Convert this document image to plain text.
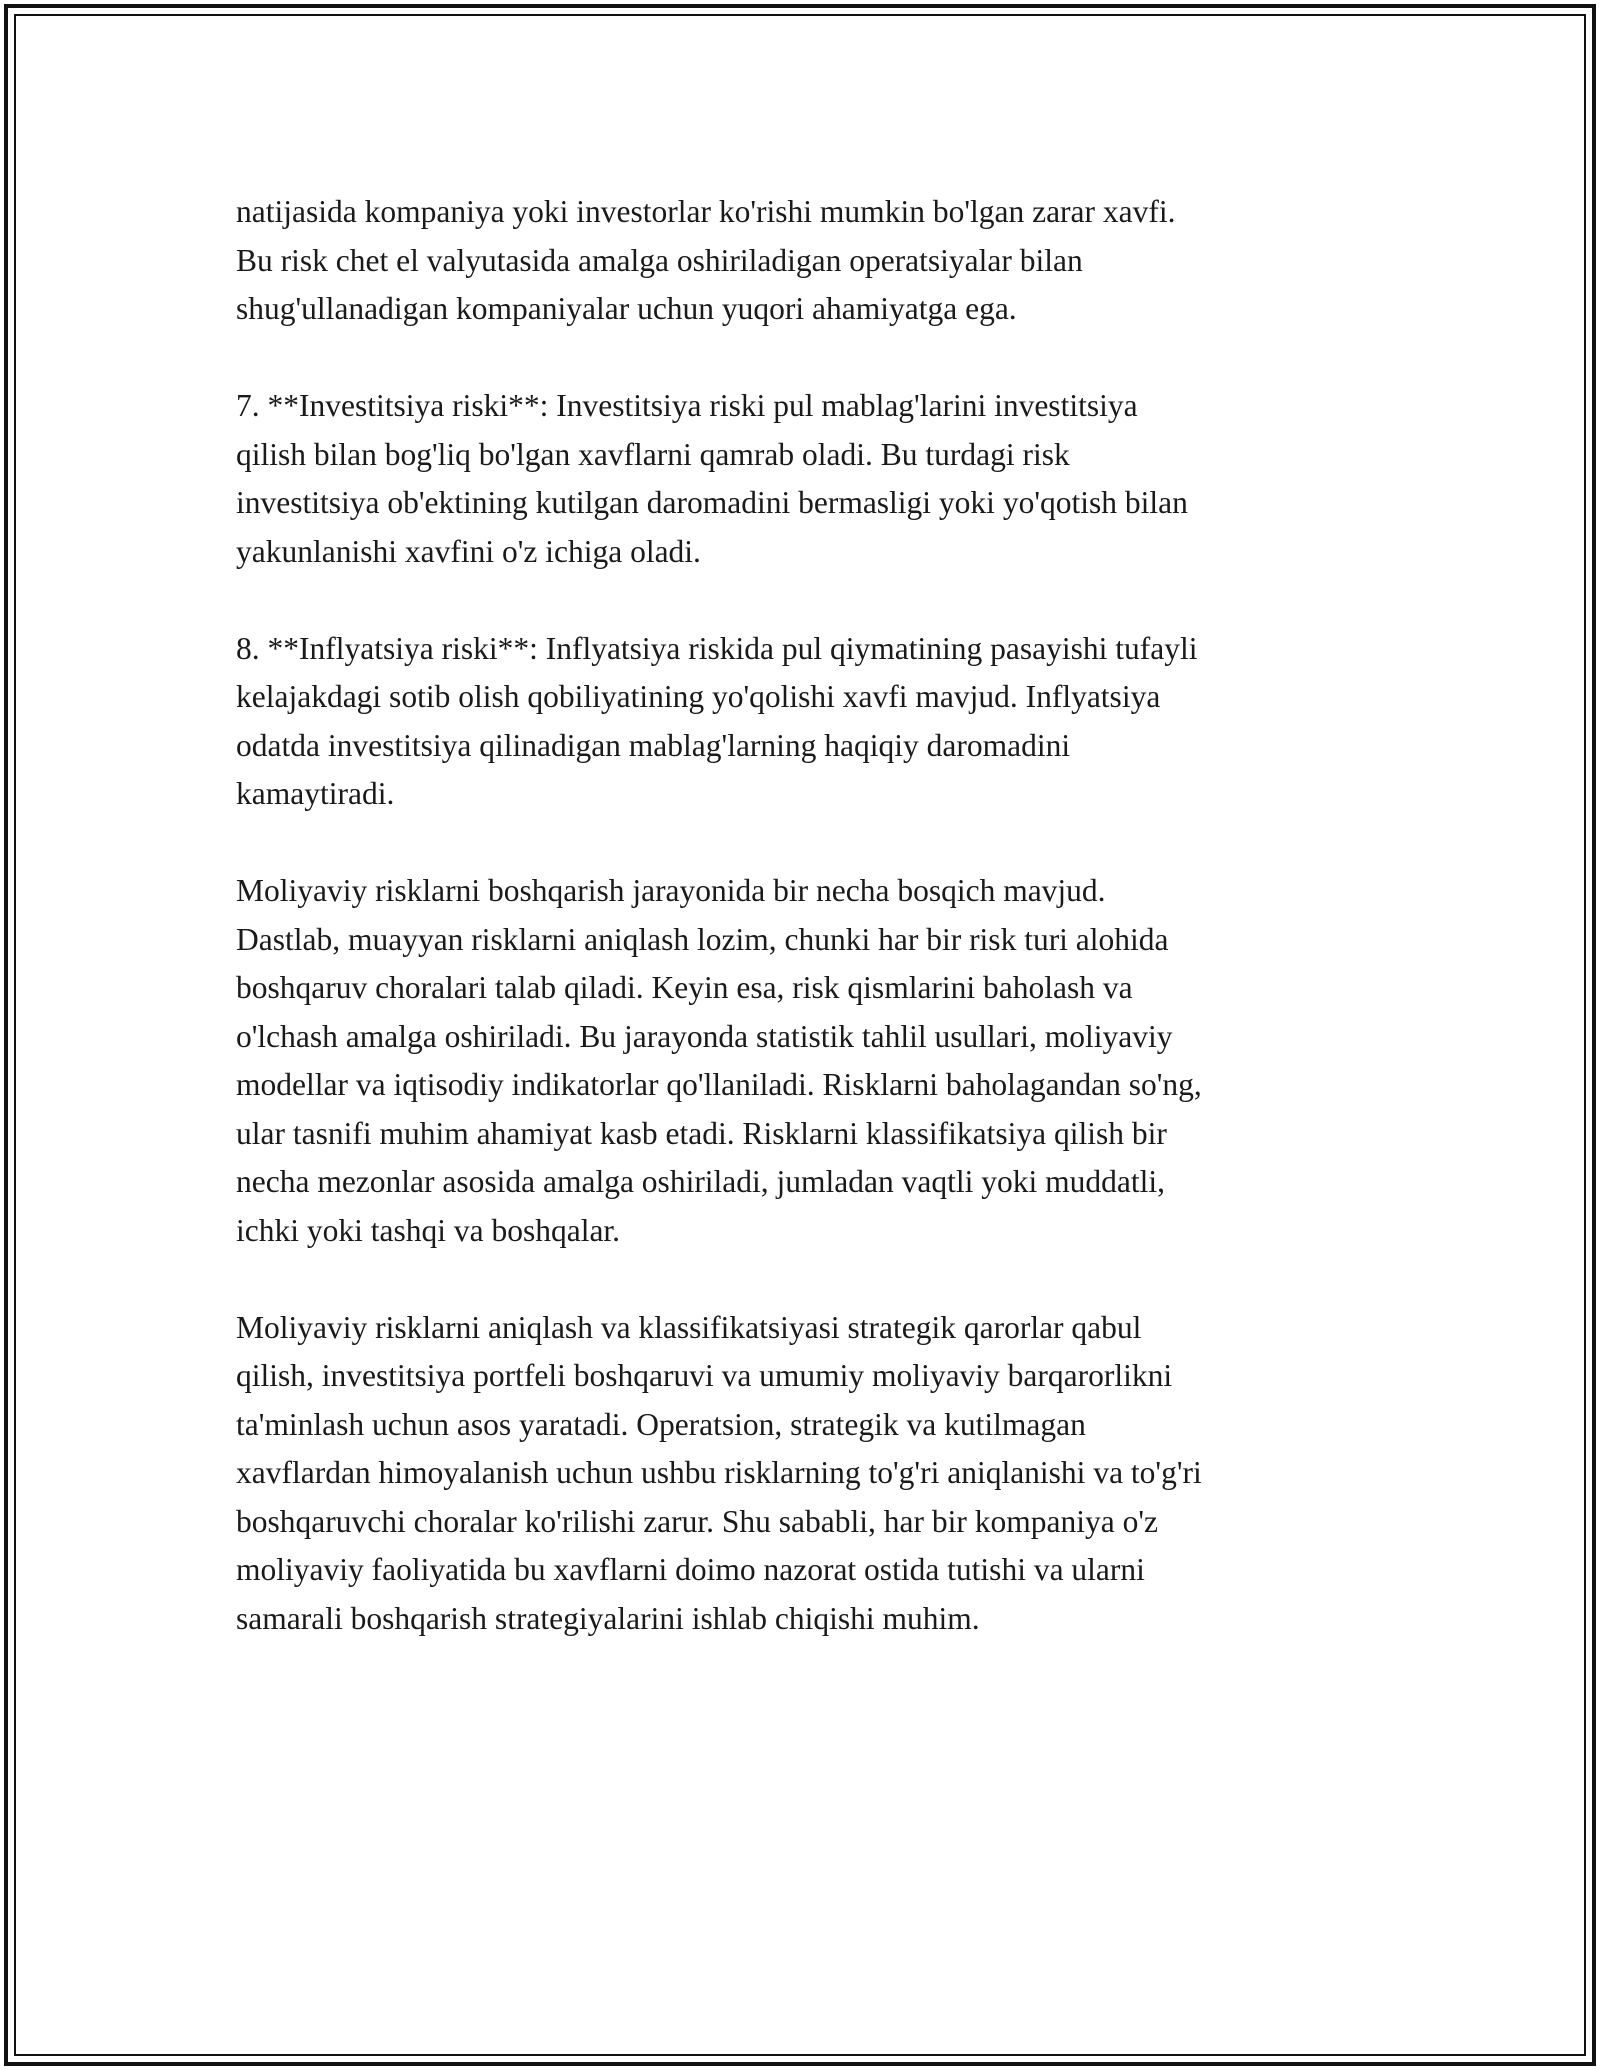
natijasida kompaniya yoki investorlar ko'rishi mumkin bo'lgan zarar xavfi.
Bu risk chet el valyutasida amalga oshiriladigan operatsiyalar bilan
shug'ullanadigan kompaniyalar uchun yuqori ahamiyatga ega.

7. **Investitsiya riski**: Investitsiya riski pul mablag'larini investitsiya
qilish bilan bog'liq bo'lgan xavflarni qamrab oladi. Bu turdagi risk
investitsiya ob'ektining kutilgan daromadini bermasligi yoki yo'qotish bilan
yakunlanishi xavfini o'z ichiga oladi.

8. **Inflyatsiya riski**: Inflyatsiya riskida pul qiymatining pasayishi tufayli
kelajakdagi sotib olish qobiliyatining yo'qolishi xavfi mavjud. Inflyatsiya
odatda investitsiya qilinadigan mablag'larning haqiqiy daromadini
kamaytiradi.

Moliyaviy risklarni boshqarish jarayonida bir necha bosqich mavjud.
Dastlab, muayyan risklarni aniqlash lozim, chunki har bir risk turi alohida
boshqaruv choralari talab qiladi. Keyin esa, risk qismlarini baholash va
o'lchash amalga oshiriladi. Bu jarayonda statistik tahlil usullari, moliyaviy
modellar va iqtisodiy indikatorlar qo'llaniladi. Risklarni baholagandan so'ng,
ular tasnifi muhim ahamiyat kasb etadi. Risklarni klassifikatsiya qilish bir
necha mezonlar asosida amalga oshiriladi, jumladan vaqtli yoki muddatli,
ichki yoki tashqi va boshqalar.

Moliyaviy risklarni aniqlash va klassifikatsiyasi strategik qarorlar qabul
qilish, investitsiya portfeli boshqaruvi va umumiy moliyaviy barqarorlikni
ta'minlash uchun asos yaratadi. Operatsion, strategik va kutilmagan
xavflardan himoyalanish uchun ushbu risklarning to'g'ri aniqlanishi va to'g'ri
boshqaruvchi choralar ko'rilishi zarur. Shu sababli, har bir kompaniya o'z
moliyaviy faoliyatida bu xavflarni doimo nazorat ostida tutishi va ularni
samarali boshqarish strategiyalarini ishlab chiqishi muhim.
